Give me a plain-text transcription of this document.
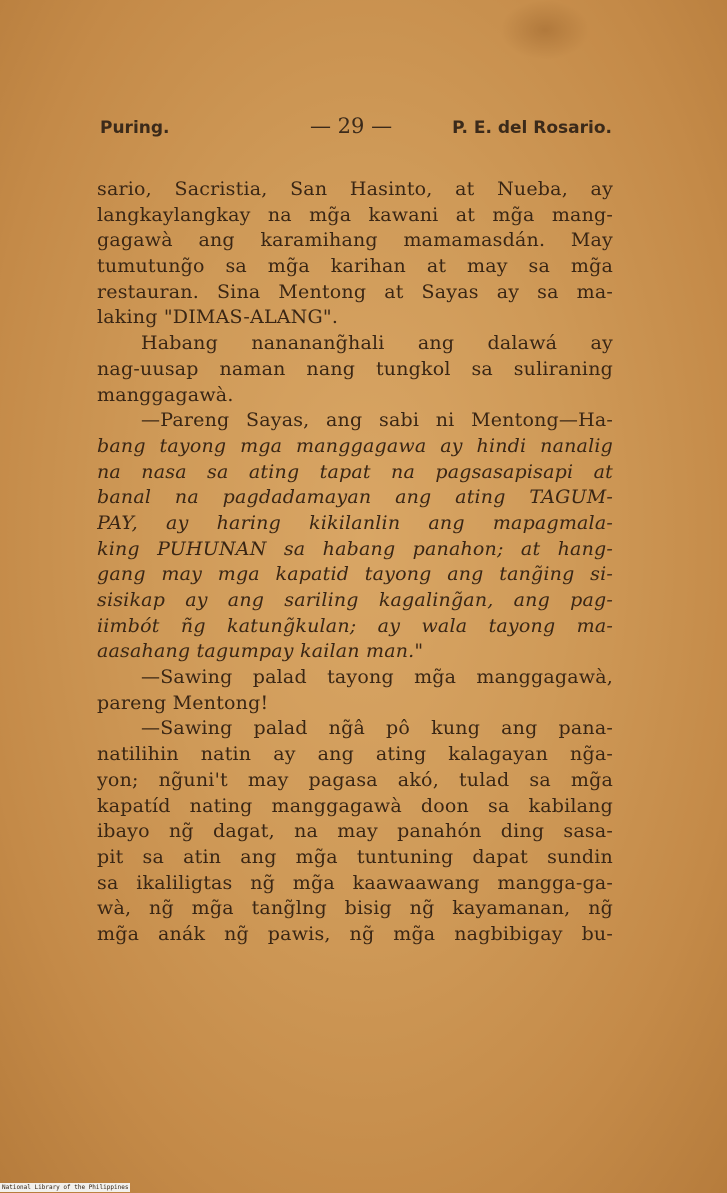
Puring.	— 29 —	P. E. del Rosario.
sario, Sacristia, San Hasinto, at Nueba, ay
langkaylangkay na mg̃a kawani at mg̃a mang-
gagawà ang karamihang mamamasdán. May
tumutung̃o sa mg̃a karihan at may sa mg̃a
restauran. Sina Mentong at Sayas ay sa ma-
laking "DIMAS-ALANG".
Habang nananang̃hali ang dalawá ay
nag-uusap naman nang tungkol sa suliraning
manggagawà.
—Pareng Sayas, ang sabi ni Mentong—Ha-
bang tayong mga manggagawa ay hindi nanalig
na nasa sa ating tapat na pagsasapisapi at
banal na pagdadamayan ang ating TAGUM-
PAY, ay haring kikilanlin ang mapagmala-
king PUHUNAN sa habang panahon; at hang-
gang may mga kapatid tayong ang tang̃ing si-
sisikap ay ang sariling kagaling̃an, ang pag-
iimbót ñg katung̃kulan; ay wala tayong ma-
aasahang tagumpay kailan man."
—Sawing palad tayong mg̃a manggagawà,
pareng Mentong!
—Sawing palad ng̃â pô kung ang pana-
natilihin natin ay ang ating kalagayan ng̃a-
yon; ng̃uni't may pagasa akó, tulad sa mg̃a
kapatíd nating manggagawà doon sa kabilang
ibayo ng̃ dagat, na may panahón ding sasa-
pit sa atin ang mg̃a tuntuning dapat sundin
sa ikaliligtas ng̃ mg̃a kaawaawang mangga-ga-
wà, ng̃ mg̃a tang̃lng bisig ng̃ kayamanan, ng̃
mg̃a anák ng̃ pawis, ng̃ mg̃a nagbibigay bu-
National Library of the Philippines
